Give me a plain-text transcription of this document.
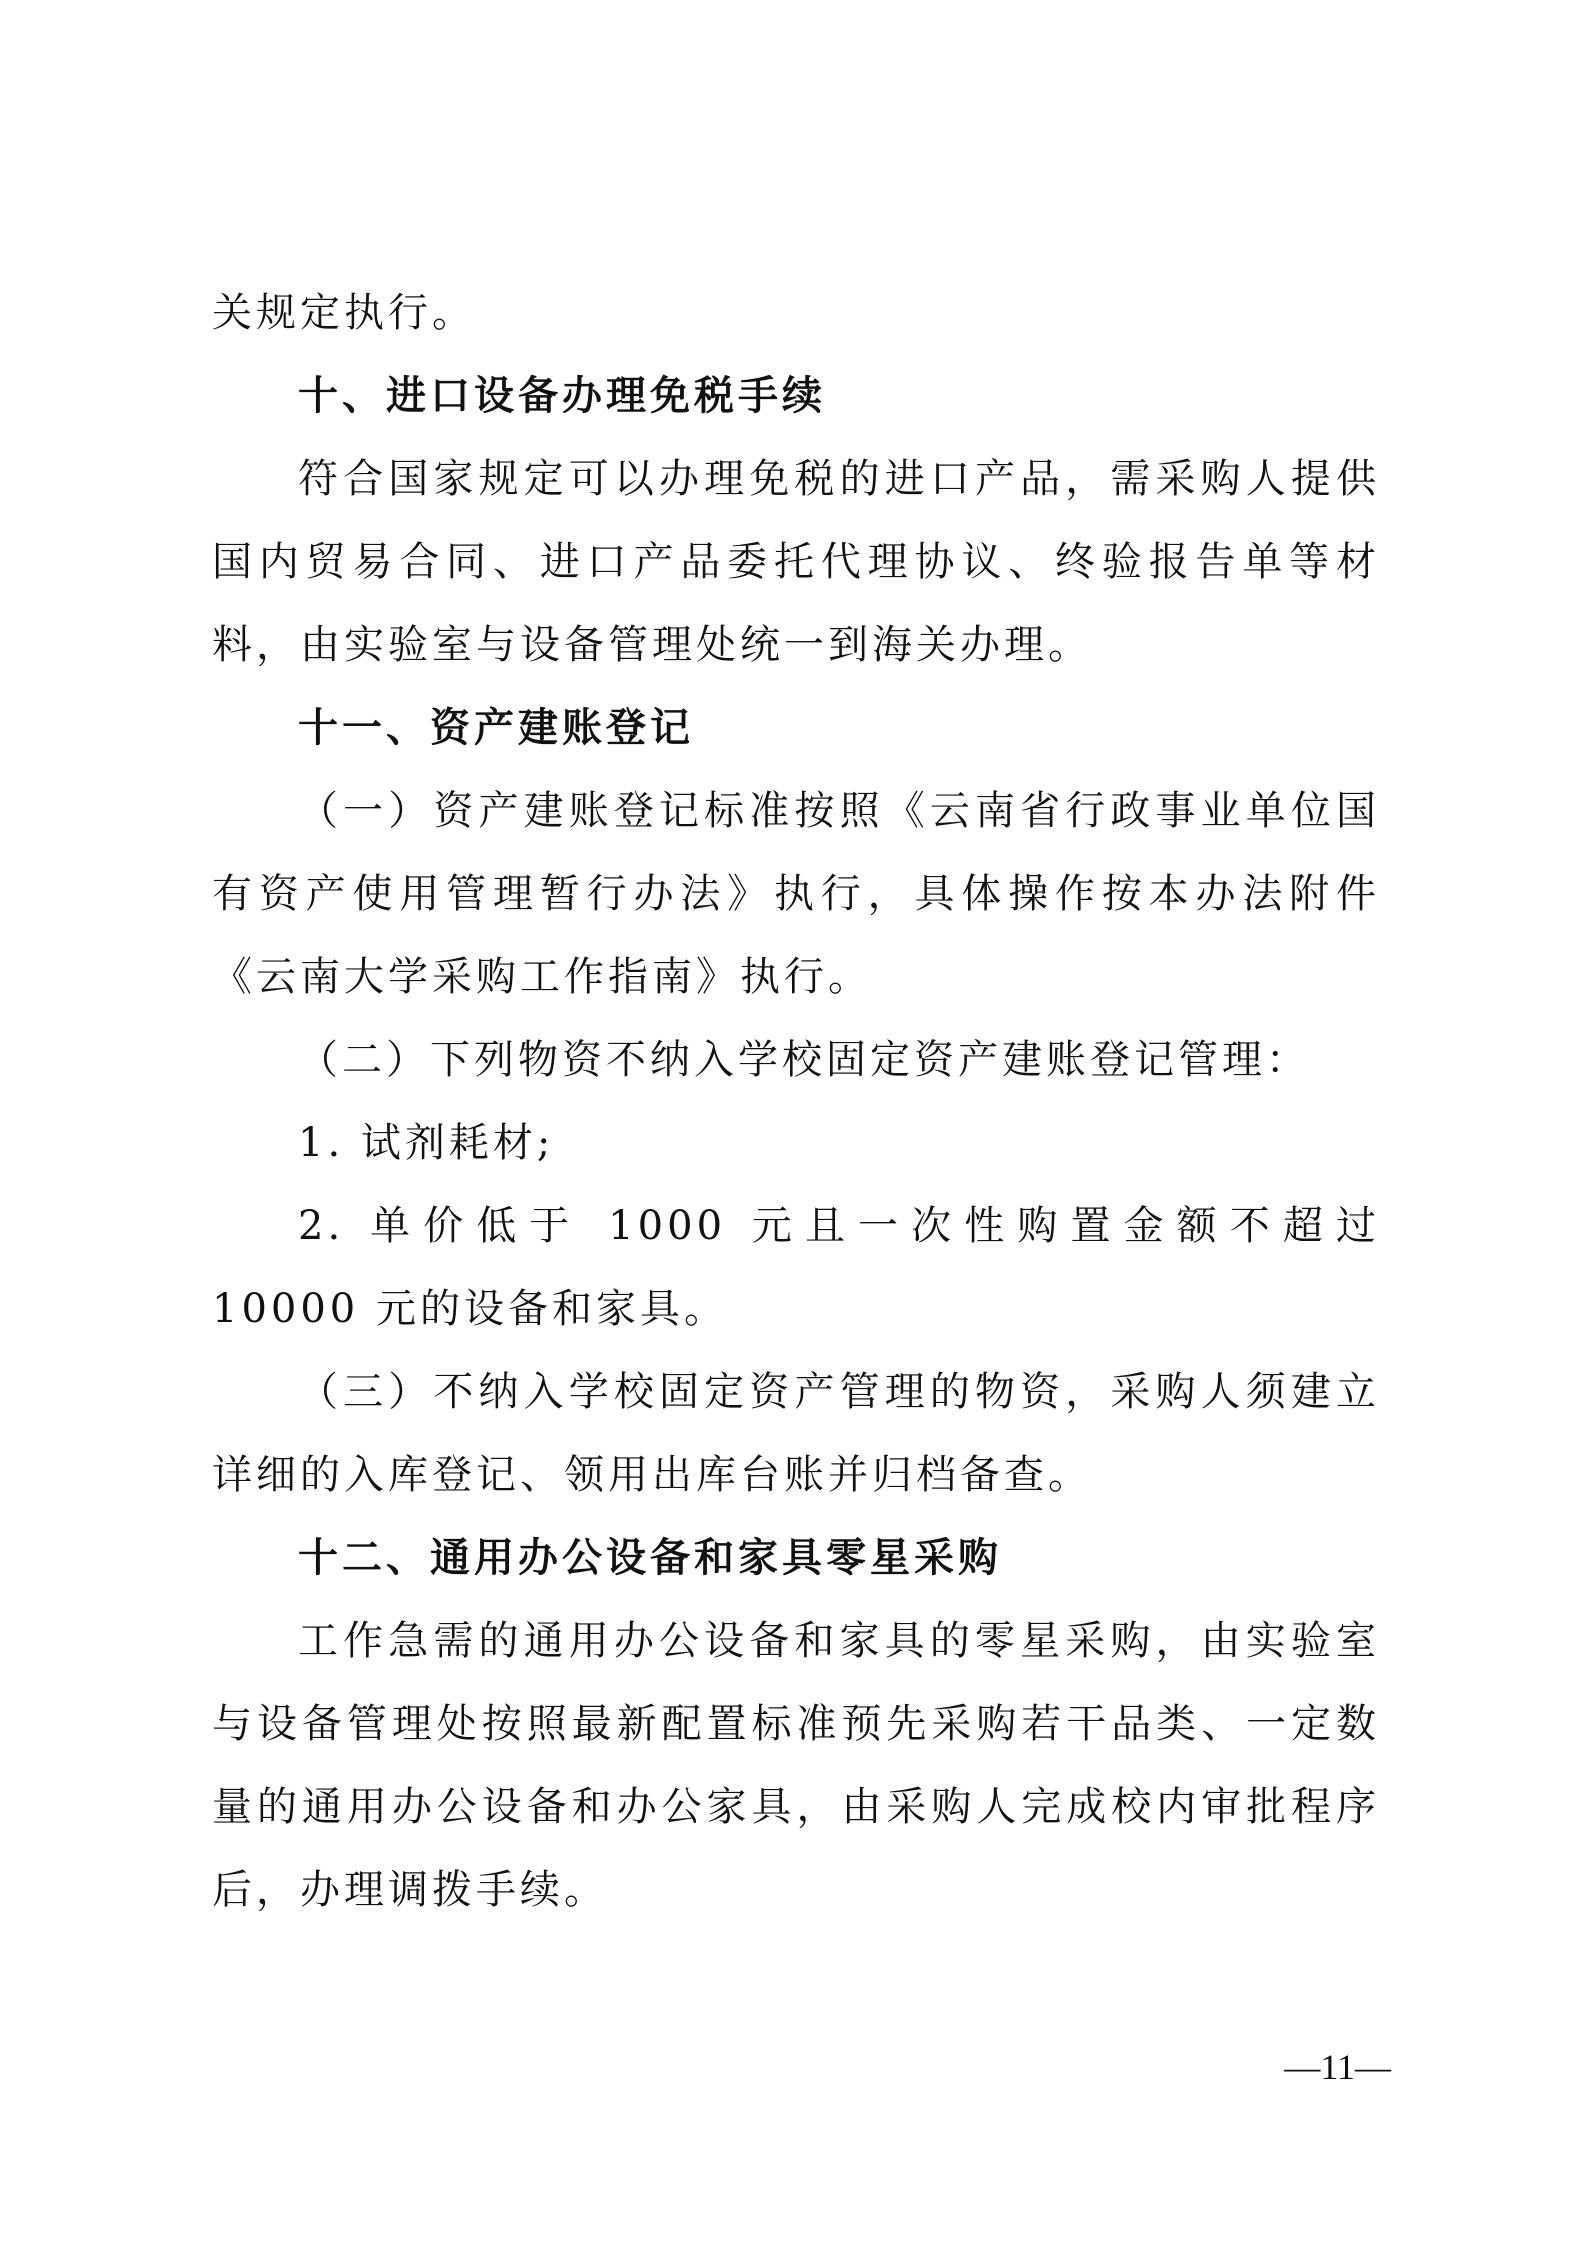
关规定执行。

十、进口设备办理免税手续

符合国家规定可以办理免税的进口产品，需采购人提供国内贸易合同、进口产品委托代理协议、终验报告单等材料，由实验室与设备管理处统一到海关办理。

十一、资产建账登记

（一）资产建账登记标准按照《云南省行政事业单位国有资产使用管理暂行办法》执行，具体操作按本办法附件《云南大学采购工作指南》执行。

（二）下列物资不纳入学校固定资产建账登记管理：

1. 试剂耗材;

2. 单价低于 1000 元且一次性购置金额不超过 10000 元的设备和家具。

（三）不纳入学校固定资产管理的物资，采购人须建立详细的入库登记、领用出库台账并归档备查。

十二、通用办公设备和家具零星采购

工作急需的通用办公设备和家具的零星采购，由实验室与设备管理处按照最新配置标准预先采购若干品类、一定数量的通用办公设备和办公家具，由采购人完成校内审批程序后，办理调拨手续。

—11—
